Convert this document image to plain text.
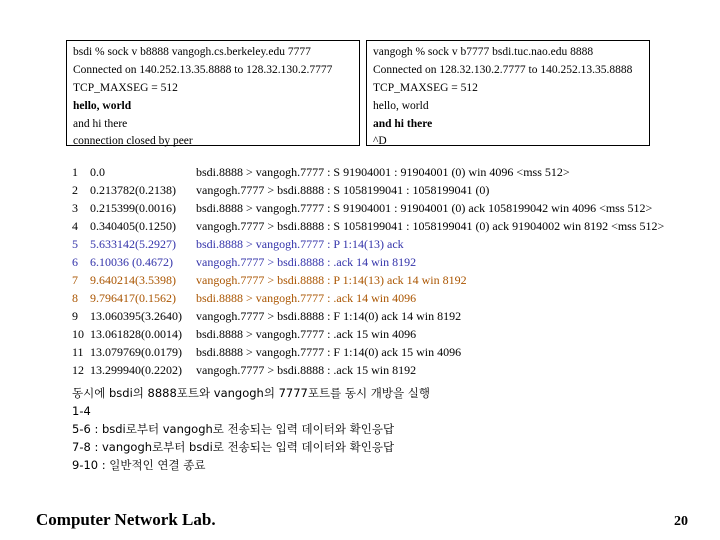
bsdi % sock v b8888 vangogh.cs.berkeley.edu 7777
Connected on 140.252.13.35.8888 to 128.32.130.2.7777
TCP_MAXSEG = 512
hello, world
and hi there
connection closed by peer
vangogh % sock v b7777 bsdi.tuc.nao.edu 8888
Connected on 128.32.130.2.7777 to 140.252.13.35.8888
TCP_MAXSEG = 512
hello, world
and hi there
^D
1	0.0	bsdi.8888 > vangogh.7777 : S 91904001 : 91904001 (0) win 4096 <mss 512>
2	0.213782(0.2138) vangogh.7777 > bsdi.8888 : S 1058199041 : 1058199041 (0)
3	0.215399(0.0016) bsdi.8888 > vangogh.7777 : S 91904001 : 91904001 (0) ack 1058199042 win 4096 <mss 512>
4	0.340405(0.1250) vangogh.7777 > bsdi.8888 : S 1058199041 : 1058199041 (0) ack 91904002 win 8192 <mss 512>
5	5.633142(5.2927) bsdi.8888 > vangogh.7777 : P 1:14(13) ack
6	6.10036 (0.4672) vangogh.7777 > bsdi.8888 : .ack 14 win 8192
7	9.640214(3.5398) vangogh.7777 > bsdi.8888 : P 1:14(13) ack 14 win 8192
8	9.796417(0.1562) bsdi.8888 > vangogh.7777 : .ack 14 win 4096
9	13.060395(3.2640) vangogh.7777 > bsdi.8888 : F 1:14(0) ack 14 win 8192
10 13.061828(0.0014) bsdi.8888 > vangogh.7777 : .ack 15 win 4096
11 13.079769(0.0179) bsdi.8888 > vangogh.7777 : F 1:14(0) ack 15 win 4096
12 13.299940(0.2202) vangogh.7777 > bsdi.8888 : .ack 15 win 8192
동시에 bsdi의 8888포트와 vangogh의 7777포트를 동시 개방을 실행
1-4
5-6 : bsdi로부터 vangogh로 전송되는 입력 데이터와 확인응답
7-8 : vangogh로부터 bsdi로 전송되는 입력 데이터와 확인응답
9-10 : 일반적인 연결 종료
Computer Network Lab.	20
